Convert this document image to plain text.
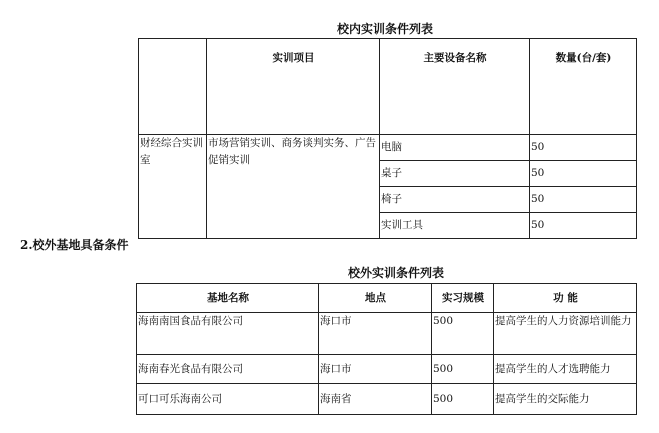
校内实训条件列表
	实训项目	主要设备名称	数量(台/套)
财经综合实训室	市场营销实训、商务谈判实务、广告促销实训	电脑	50
		桌子	50
		椅子	50
		实训工具	50
2.校外基地具备条件
校外实训条件列表
基地名称	地点	实习规模	功 能
海南南国食品有限公司	海口市	500	提高学生的人力资源培训能力
海南春光食品有限公司	海口市	500	提高学生的人才选聘能力
可口可乐海南公司	海南省	500	提高学生的交际能力
